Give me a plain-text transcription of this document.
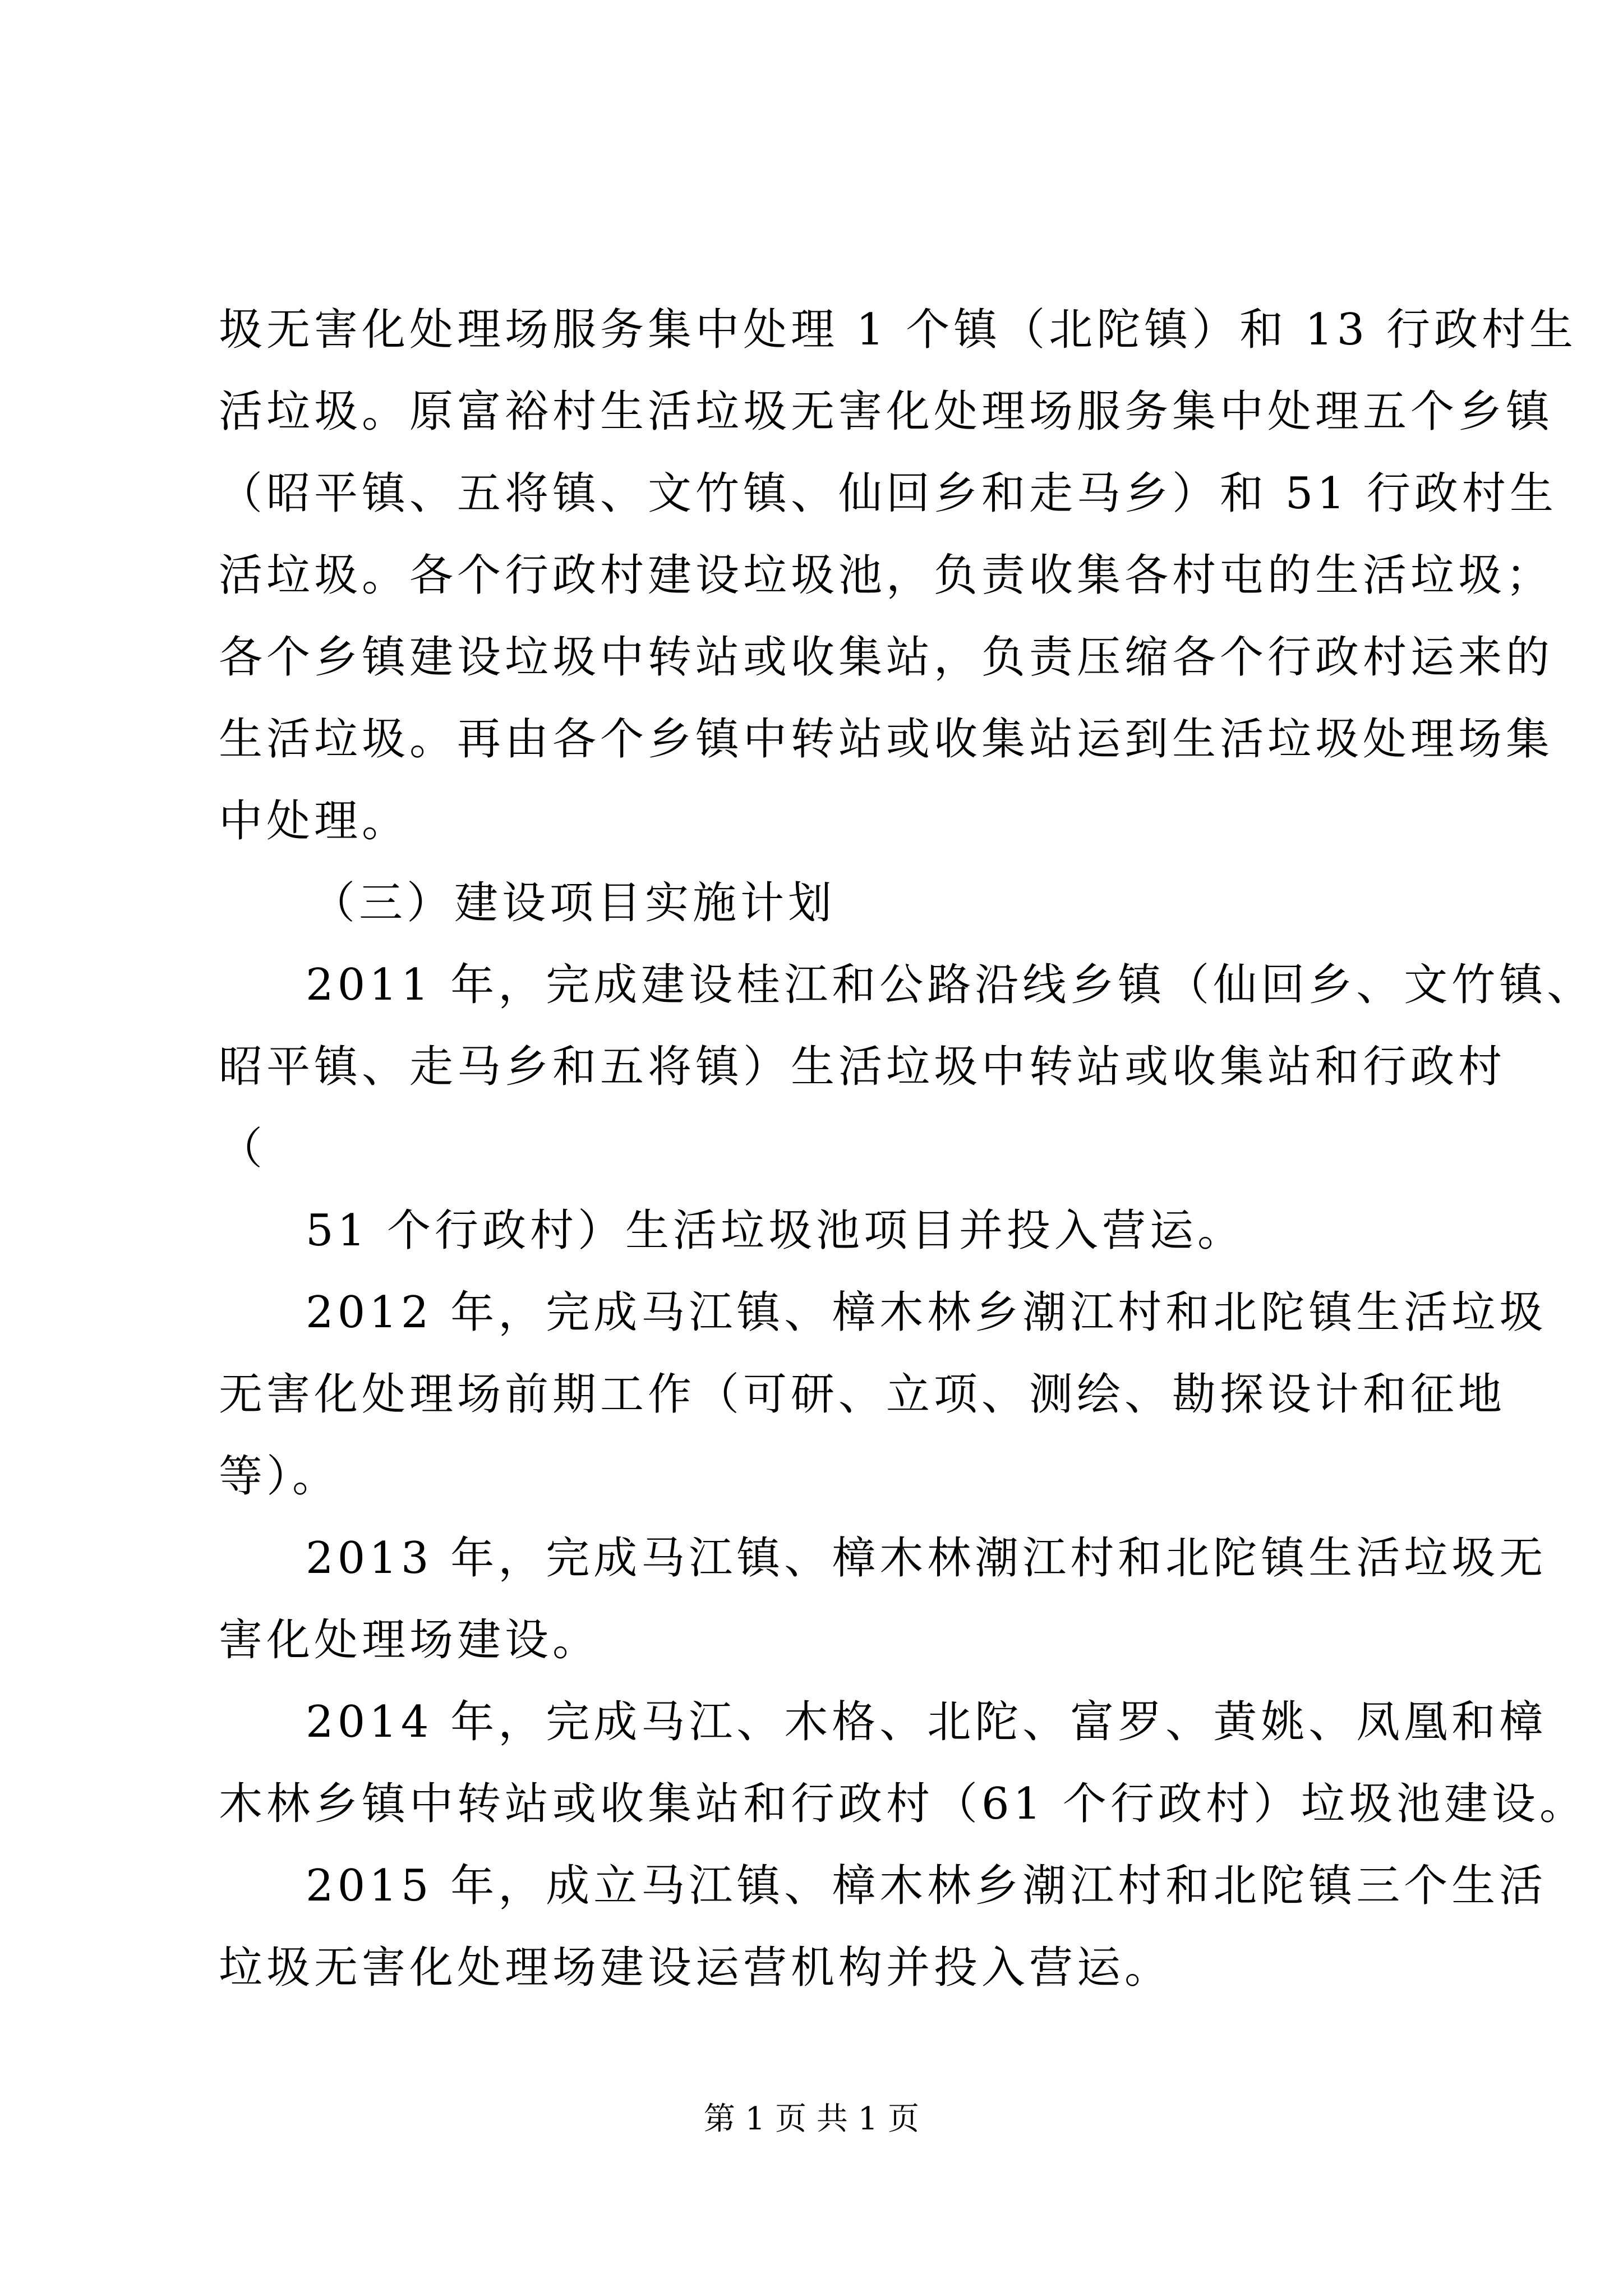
圾无害化处理场服务集中处理 1 个镇（北陀镇）和 13 行政村生
活垃圾。原富裕村生活垃圾无害化处理场服务集中处理五个乡镇
（昭平镇、五将镇、文竹镇、仙回乡和走马乡）和 51 行政村生
活垃圾。各个行政村建设垃圾池，负责收集各村屯的生活垃圾；
各个乡镇建设垃圾中转站或收集站，负责压缩各个行政村运来的
生活垃圾。再由各个乡镇中转站或收集站运到生活垃圾处理场集
中处理。
（三）建设项目实施计划
2011 年，完成建设桂江和公路沿线乡镇（仙回乡、文竹镇、
昭平镇、走马乡和五将镇）生活垃圾中转站或收集站和行政村
（
51 个行政村）生活垃圾池项目并投入营运。
2012 年，完成马江镇、樟木林乡潮江村和北陀镇生活垃圾
无害化处理场前期工作（可研、立项、测绘、勘探设计和征地
等）。
2013 年，完成马江镇、樟木林潮江村和北陀镇生活垃圾无
害化处理场建设。
2014 年，完成马江、木格、北陀、富罗、黄姚、凤凰和樟
木林乡镇中转站或收集站和行政村（61 个行政村）垃圾池建设。
2015 年，成立马江镇、樟木林乡潮江村和北陀镇三个生活
垃圾无害化处理场建设运营机构并投入营运。
第 1 页 共 1 页
